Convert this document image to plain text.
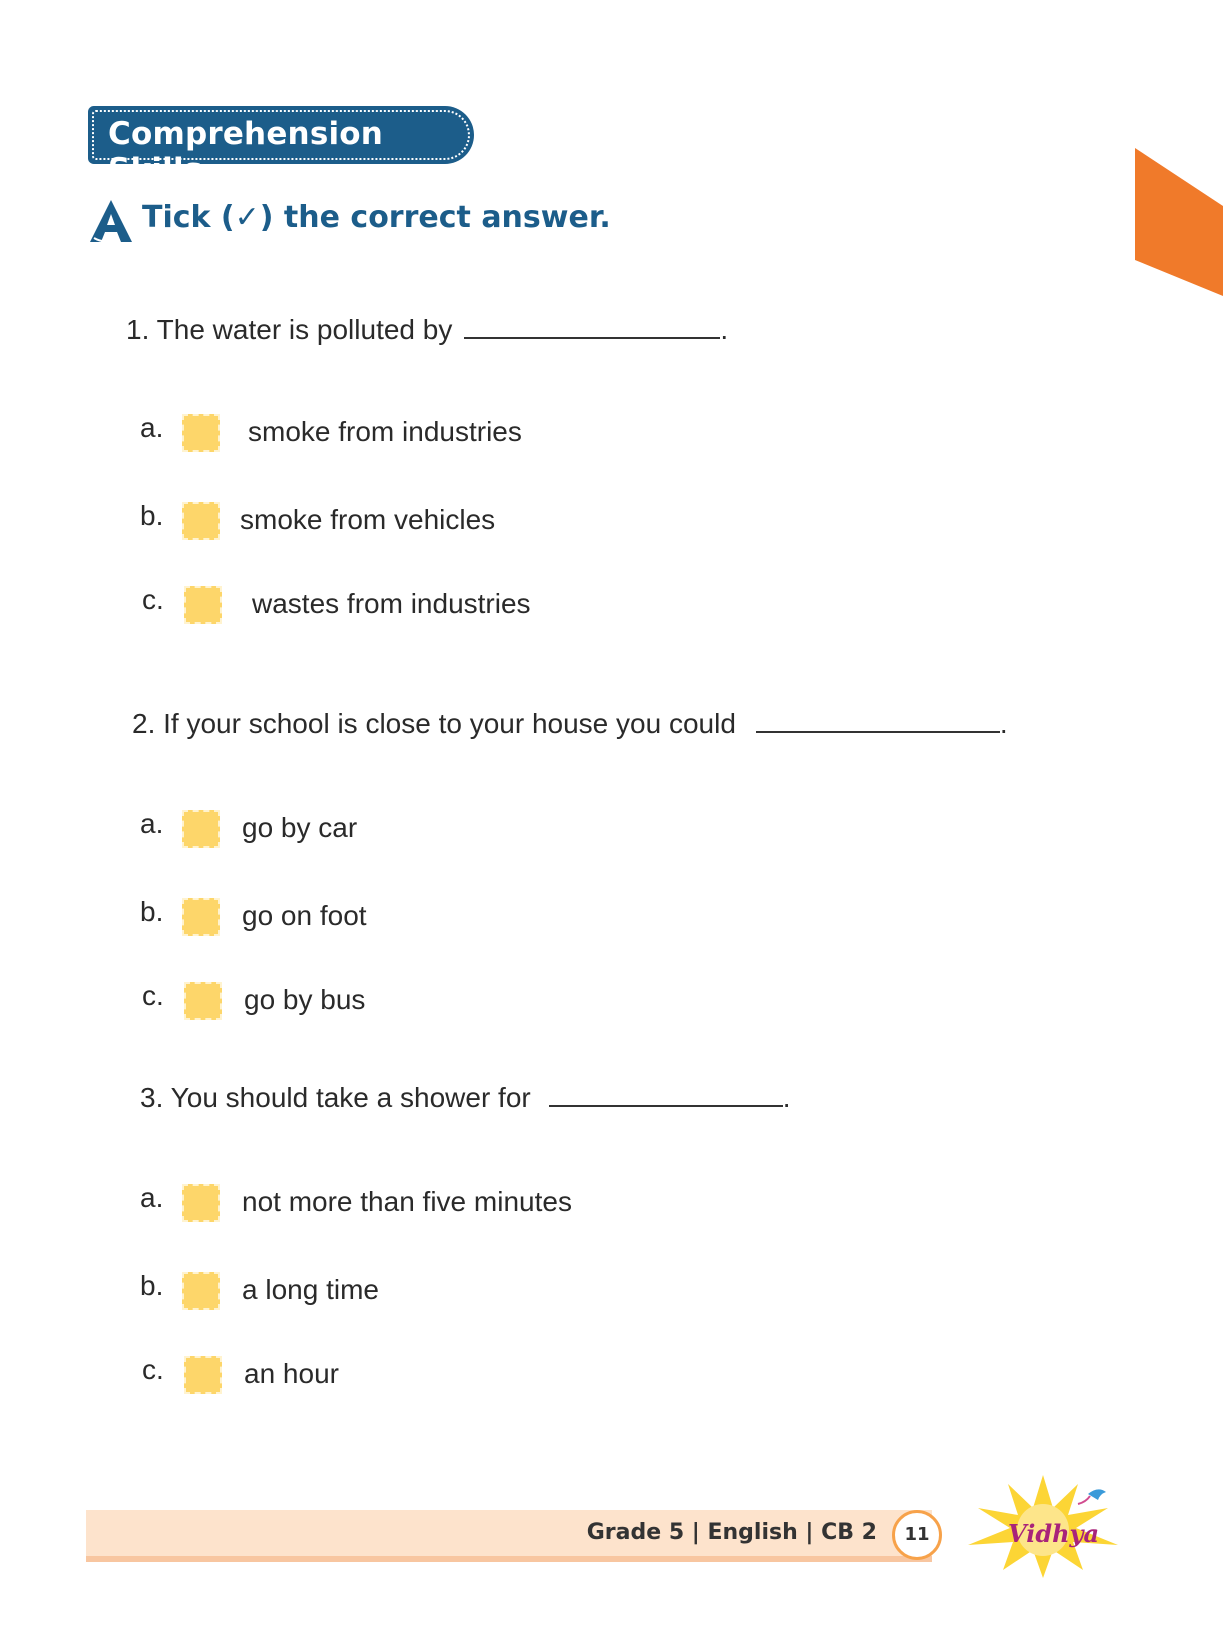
Comprehension Skills
Tick (✓) the correct answer.
1. The water is polluted by	.
a.	smoke from industries
b.	smoke from vehicles
c.	wastes from industries
2. If your school is close to your house you could	.
a.	go by car
b.	go on foot
c.	go by bus
3. You should take a shower for	.
a.	not more than five minutes
b.	a long time
c.	an hour
Grade 5 | English | CB 2	11	Vidhya
